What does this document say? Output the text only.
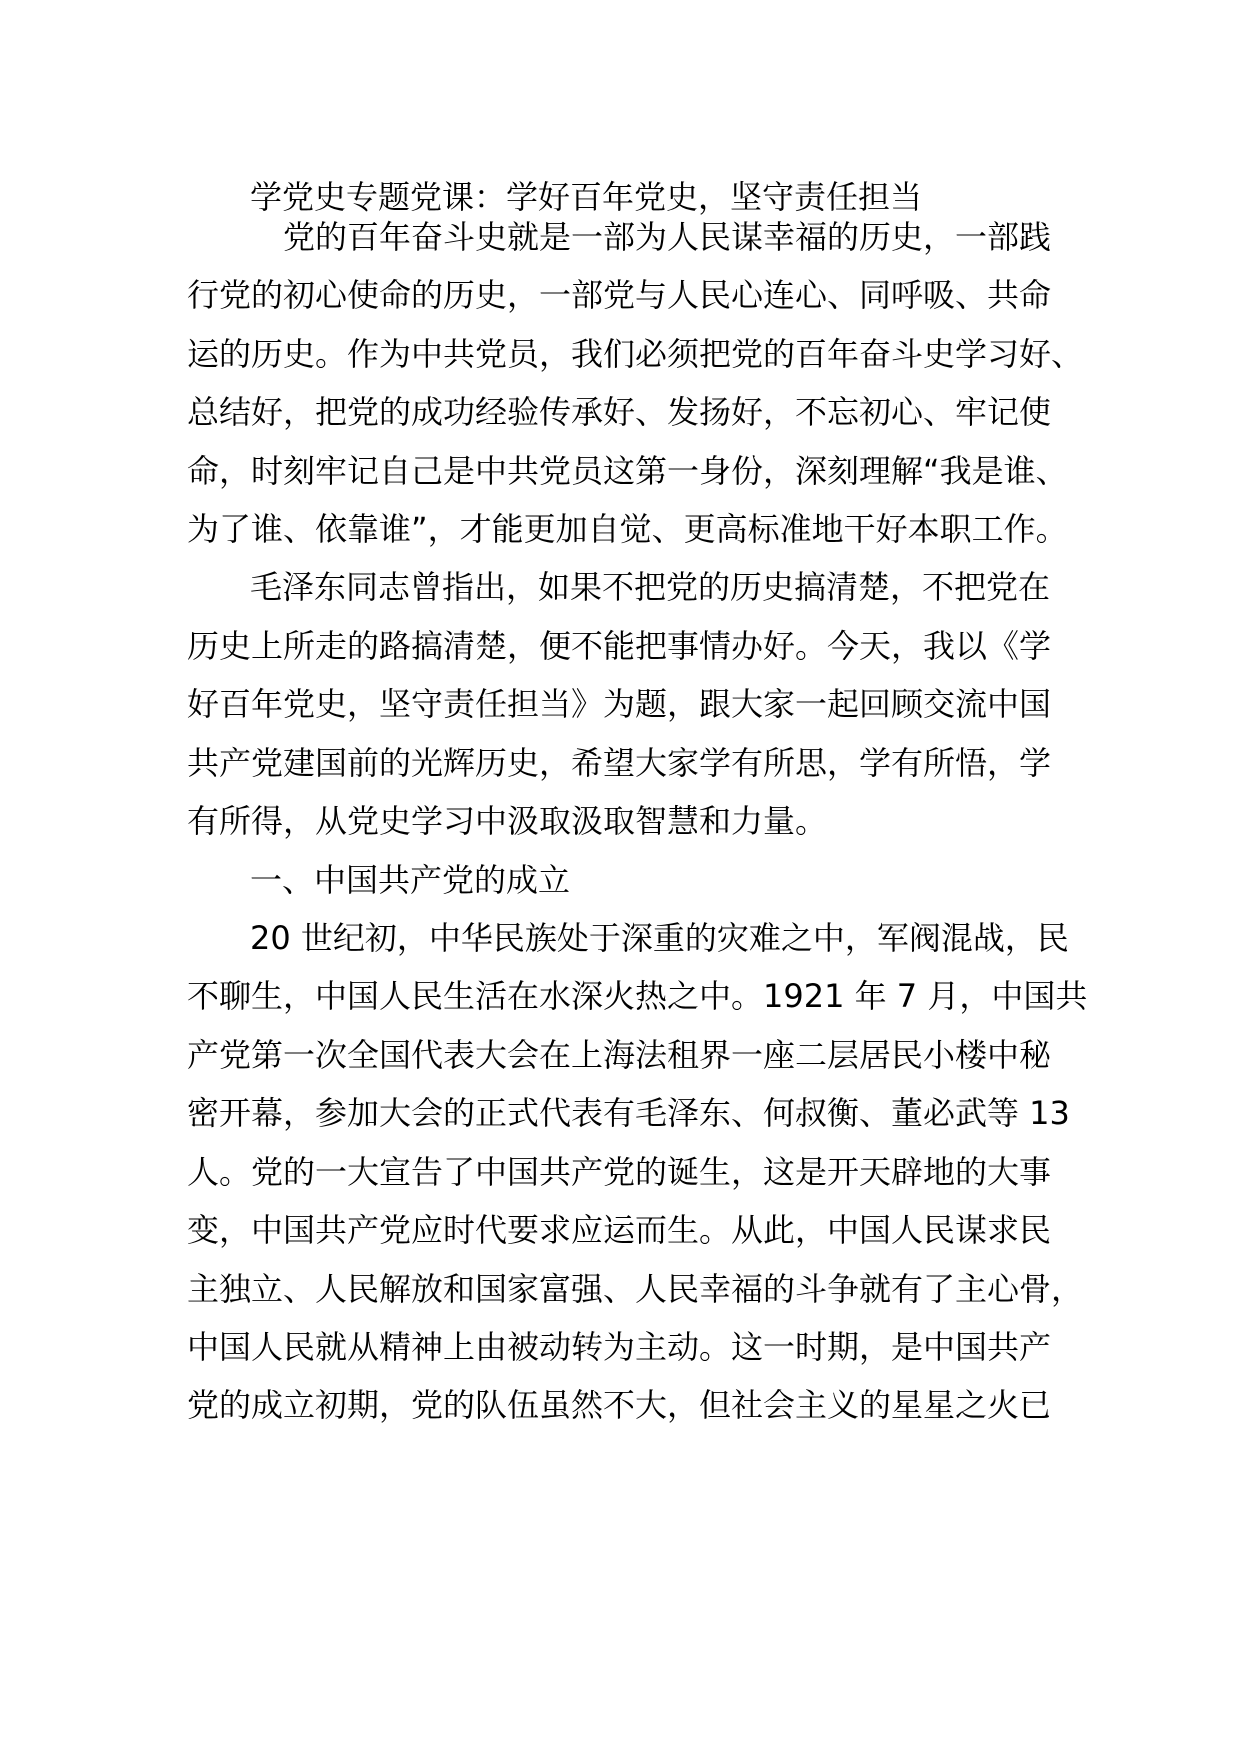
学党史专题党课：学好百年党史，坚守责任担当
党的百年奋斗史就是一部为人民谋幸福的历史，一部践
行党的初心使命的历史，一部党与人民心连心、同呼吸、共命
运的历史。作为中共党员，我们必须把党的百年奋斗史学习好、
总结好，把党的成功经验传承好、发扬好，不忘初心、牢记使
命，时刻牢记自己是中共党员这第一身份，深刻理解“我是谁、
为了谁、依靠谁”，才能更加自觉、更高标准地干好本职工作。
毛泽东同志曾指出，如果不把党的历史搞清楚，不把党在
历史上所走的路搞清楚，便不能把事情办好。今天，我以《学
好百年党史，坚守责任担当》为题，跟大家一起回顾交流中国
共产党建国前的光辉历史，希望大家学有所思，学有所悟，学
有所得，从党史学习中汲取汲取智慧和力量。
一、中国共产党的成立
20 世纪初，中华民族处于深重的灾难之中，军阀混战，民
不聊生，中国人民生活在水深火热之中。1921 年 7 月，中国共
产党第一次全国代表大会在上海法租界一座二层居民小楼中秘
密开幕，参加大会的正式代表有毛泽东、何叔衡、董必武等 13
人。党的一大宣告了中国共产党的诞生，这是开天辟地的大事
变，中国共产党应时代要求应运而生。从此，中国人民谋求民
主独立、人民解放和国家富强、人民幸福的斗争就有了主心骨，
中国人民就从精神上由被动转为主动。这一时期，是中国共产
党的成立初期，党的队伍虽然不大，但社会主义的星星之火已
